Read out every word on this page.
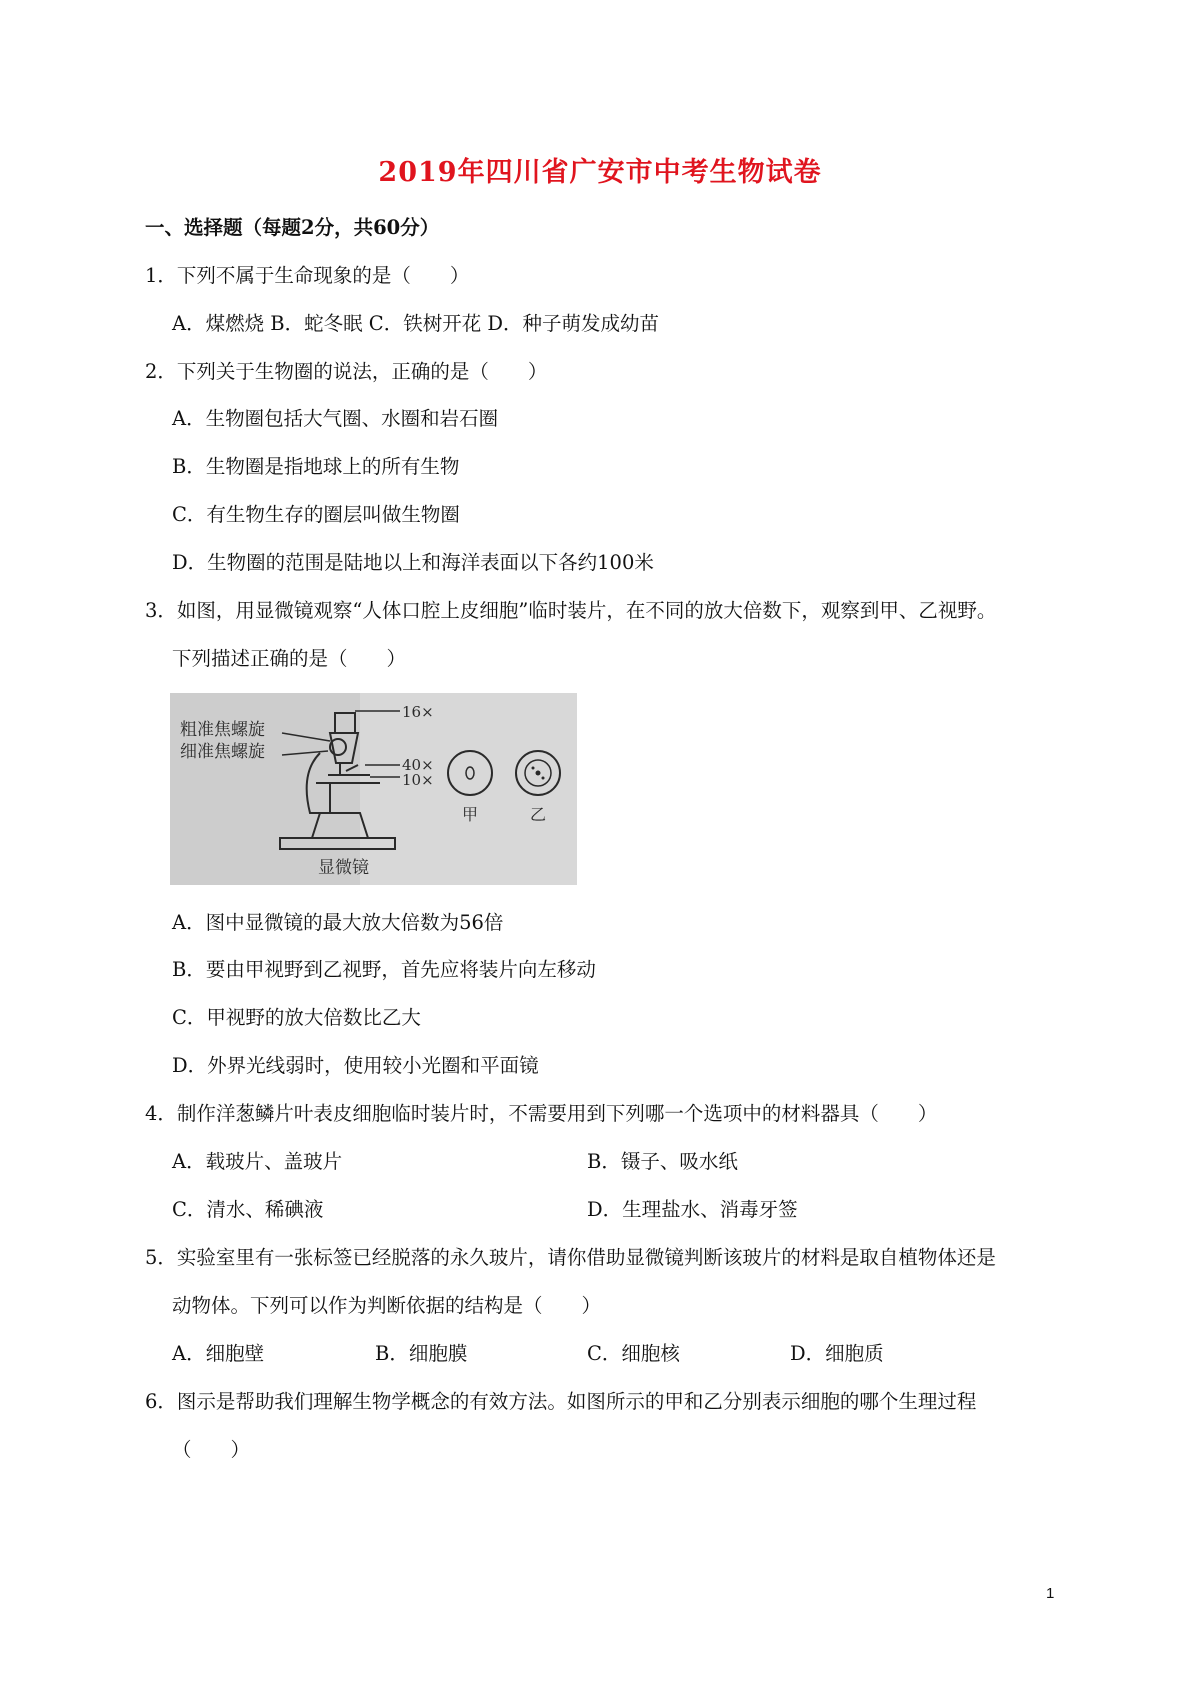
2019年四川省广安市中考生物试卷
一、选择题（每题2分，共60分）
1．下列不属于生命现象的是（　　）
A．煤燃烧 B．蛇冬眠 C．铁树开花 D．种子萌发成幼苗
2．下列关于生物圈的说法，正确的是（　　）
A．生物圈包括大气圈、水圈和岩石圈
B．生物圈是指地球上的所有生物
C．有生物生存的圈层叫做生物圈
D．生物圈的范围是陆地以上和海洋表面以下各约100米
3．如图，用显微镜观察“人体口腔上皮细胞”临时装片，在不同的放大倍数下，观察到甲、乙视野。
下列描述正确的是（　　）
粗准焦螺旋
细准焦螺旋
16×
40×
10×
甲	乙
显微镜
A．图中显微镜的最大放大倍数为56倍
B．要由甲视野到乙视野，首先应将装片向左移动
C．甲视野的放大倍数比乙大
D．外界光线弱时，使用较小光圈和平面镜
4．制作洋葱鳞片叶表皮细胞临时装片时，不需要用到下列哪一个选项中的材料器具（　　）
A．载玻片、盖玻片	B．镊子、吸水纸
C．清水、稀碘液	D．生理盐水、消毒牙签
5．实验室里有一张标签已经脱落的永久玻片，请你借助显微镜判断该玻片的材料是取自植物体还是
动物体。下列可以作为判断依据的结构是（　　）
A．细胞壁	B．细胞膜	C．细胞核	D．细胞质
6．图示是帮助我们理解生物学概念的有效方法。如图所示的甲和乙分别表示细胞的哪个生理过程
（　　）
1
